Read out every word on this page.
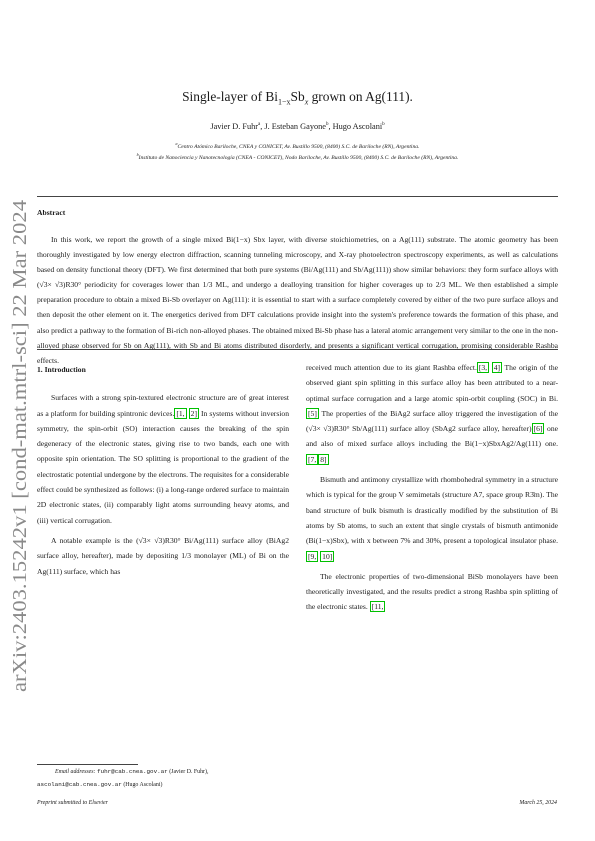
arXiv:2403.15242v1 [cond-mat.mtrl-sci] 22 Mar 2024
Single-layer of $Bi_{1-x}Sb_x$ grown on Ag(111).
Javier D. Fuhr$^a$, J. Esteban Gayone$^b$, Hugo Ascolani$^b$
$^a$Centro Atómico Bariloche, CNEA y CONICET, Av. Bustillo 9500, (8400) S.C. de Bariloche (RN), Argentina.
$^b$Instituto de Nanociencia y Nanotecnología (CNEA - CONICET), Nodo Bariloche, Av. Bustillo 9500, (8400) S.C. de Bariloche (RN), Argentina.
Abstract
In this work, we report the growth of a single mixed Bi(1−x) Sbx layer, with diverse stoichiometries, on a Ag(111) substrate. The atomic geometry has been thoroughly investigated by low energy electron diffraction, scanning tunneling microscopy, and X-ray photoelectron spectroscopy experiments, as well as calculations based on density functional theory (DFT). We first determined that both pure systems (Bi/Ag(111) and Sb/Ag(111)) show similar behaviors: they form surface alloys with (√3× √3)R30° periodicity for coverages lower than 1/3 ML, and undergo a dealloying transition for higher coverages up to 2/3 ML. We then established a simple preparation procedure to obtain a mixed Bi-Sb overlayer on Ag(111): it is essential to start with a surface completely covered by either of the two pure surface alloys and then deposit the other element on it. The energetics derived from DFT calculations provide insight into the system's preference towards the formation of this phase, and also predict a pathway to the formation of Bi-rich non-alloyed phases. The obtained mixed Bi-Sb phase has a lateral atomic arrangement very similar to the one in the non-alloyed phase observed for Sb on Ag(111), with Sb and Bi atoms distributed disorderly, and presents a significant vertical corrugation, promising considerable Rashba effects.
1. Introduction

Surfaces with a strong spin-textured electronic structure are of great interest as a platform for building spintronic devices. [1, 2] In systems without inversion symmetry, the spin-orbit (SO) interaction causes the breaking of the spin degeneracy of the electronic states, giving rise to two bands, each one with opposite spin orientation. The SO splitting is proportional to the gradient of the electrostatic potential undergone by the electrons. The requisites for a considerable effect could be synthesized as follows: (i) a long-range ordered surface to maintain 2D electronic states, (ii) comparably light atoms surrounding heavy atoms, and (iii) vertical corrugation.

A notable example is the (√3× √3)R30° Bi/Ag(111) surface alloy (BiAg2 surface alloy, hereafter), made by depositing 1/3 monolayer (ML) of Bi on the Ag(111) surface, which has

received much attention due to its giant Rashba effect. [3, 4] The origin of the observed giant spin splitting in this surface alloy has been attributed to a near-optimal surface corrugation and a large atomic spin-orbit coupling (SOC) in Bi.[5] The properties of the BiAg2 surface alloy triggered the investigation of the (√3× √3)R30° Sb/Ag(111) surface alloy (SbAg2 surface alloy, hereafter) [6] one and also of mixed surface alloys including the Bi(1−x)SbxAg2/Ag(111) one.[7, 8]

Bismuth and antimony crystallize with rhombohedral symmetry in a structure which is typical for the group V semimetals (structure A7, space group R3̄m). The band structure of bulk bismuth is drastically modified by the substitution of Bi atoms by Sb atoms, to such an extent that single crystals of bismuth antimonide (Bi(1−x)Sbx), with x between 7% and 30%, present a topological insulator phase.[9, 10]

The electronic properties of two-dimensional BiSb monolayers have been theoretically investigated, and the results predict a strong Rashba spin splitting of the electronic states. [11,

Email addresses: fuhr@cab.cnea.gov.ar (Javier D. Fuhr),
ascolani@cab.cnea.gov.ar (Hugo Ascolani)
Preprint submitted to Elsevier	March 25, 2024
